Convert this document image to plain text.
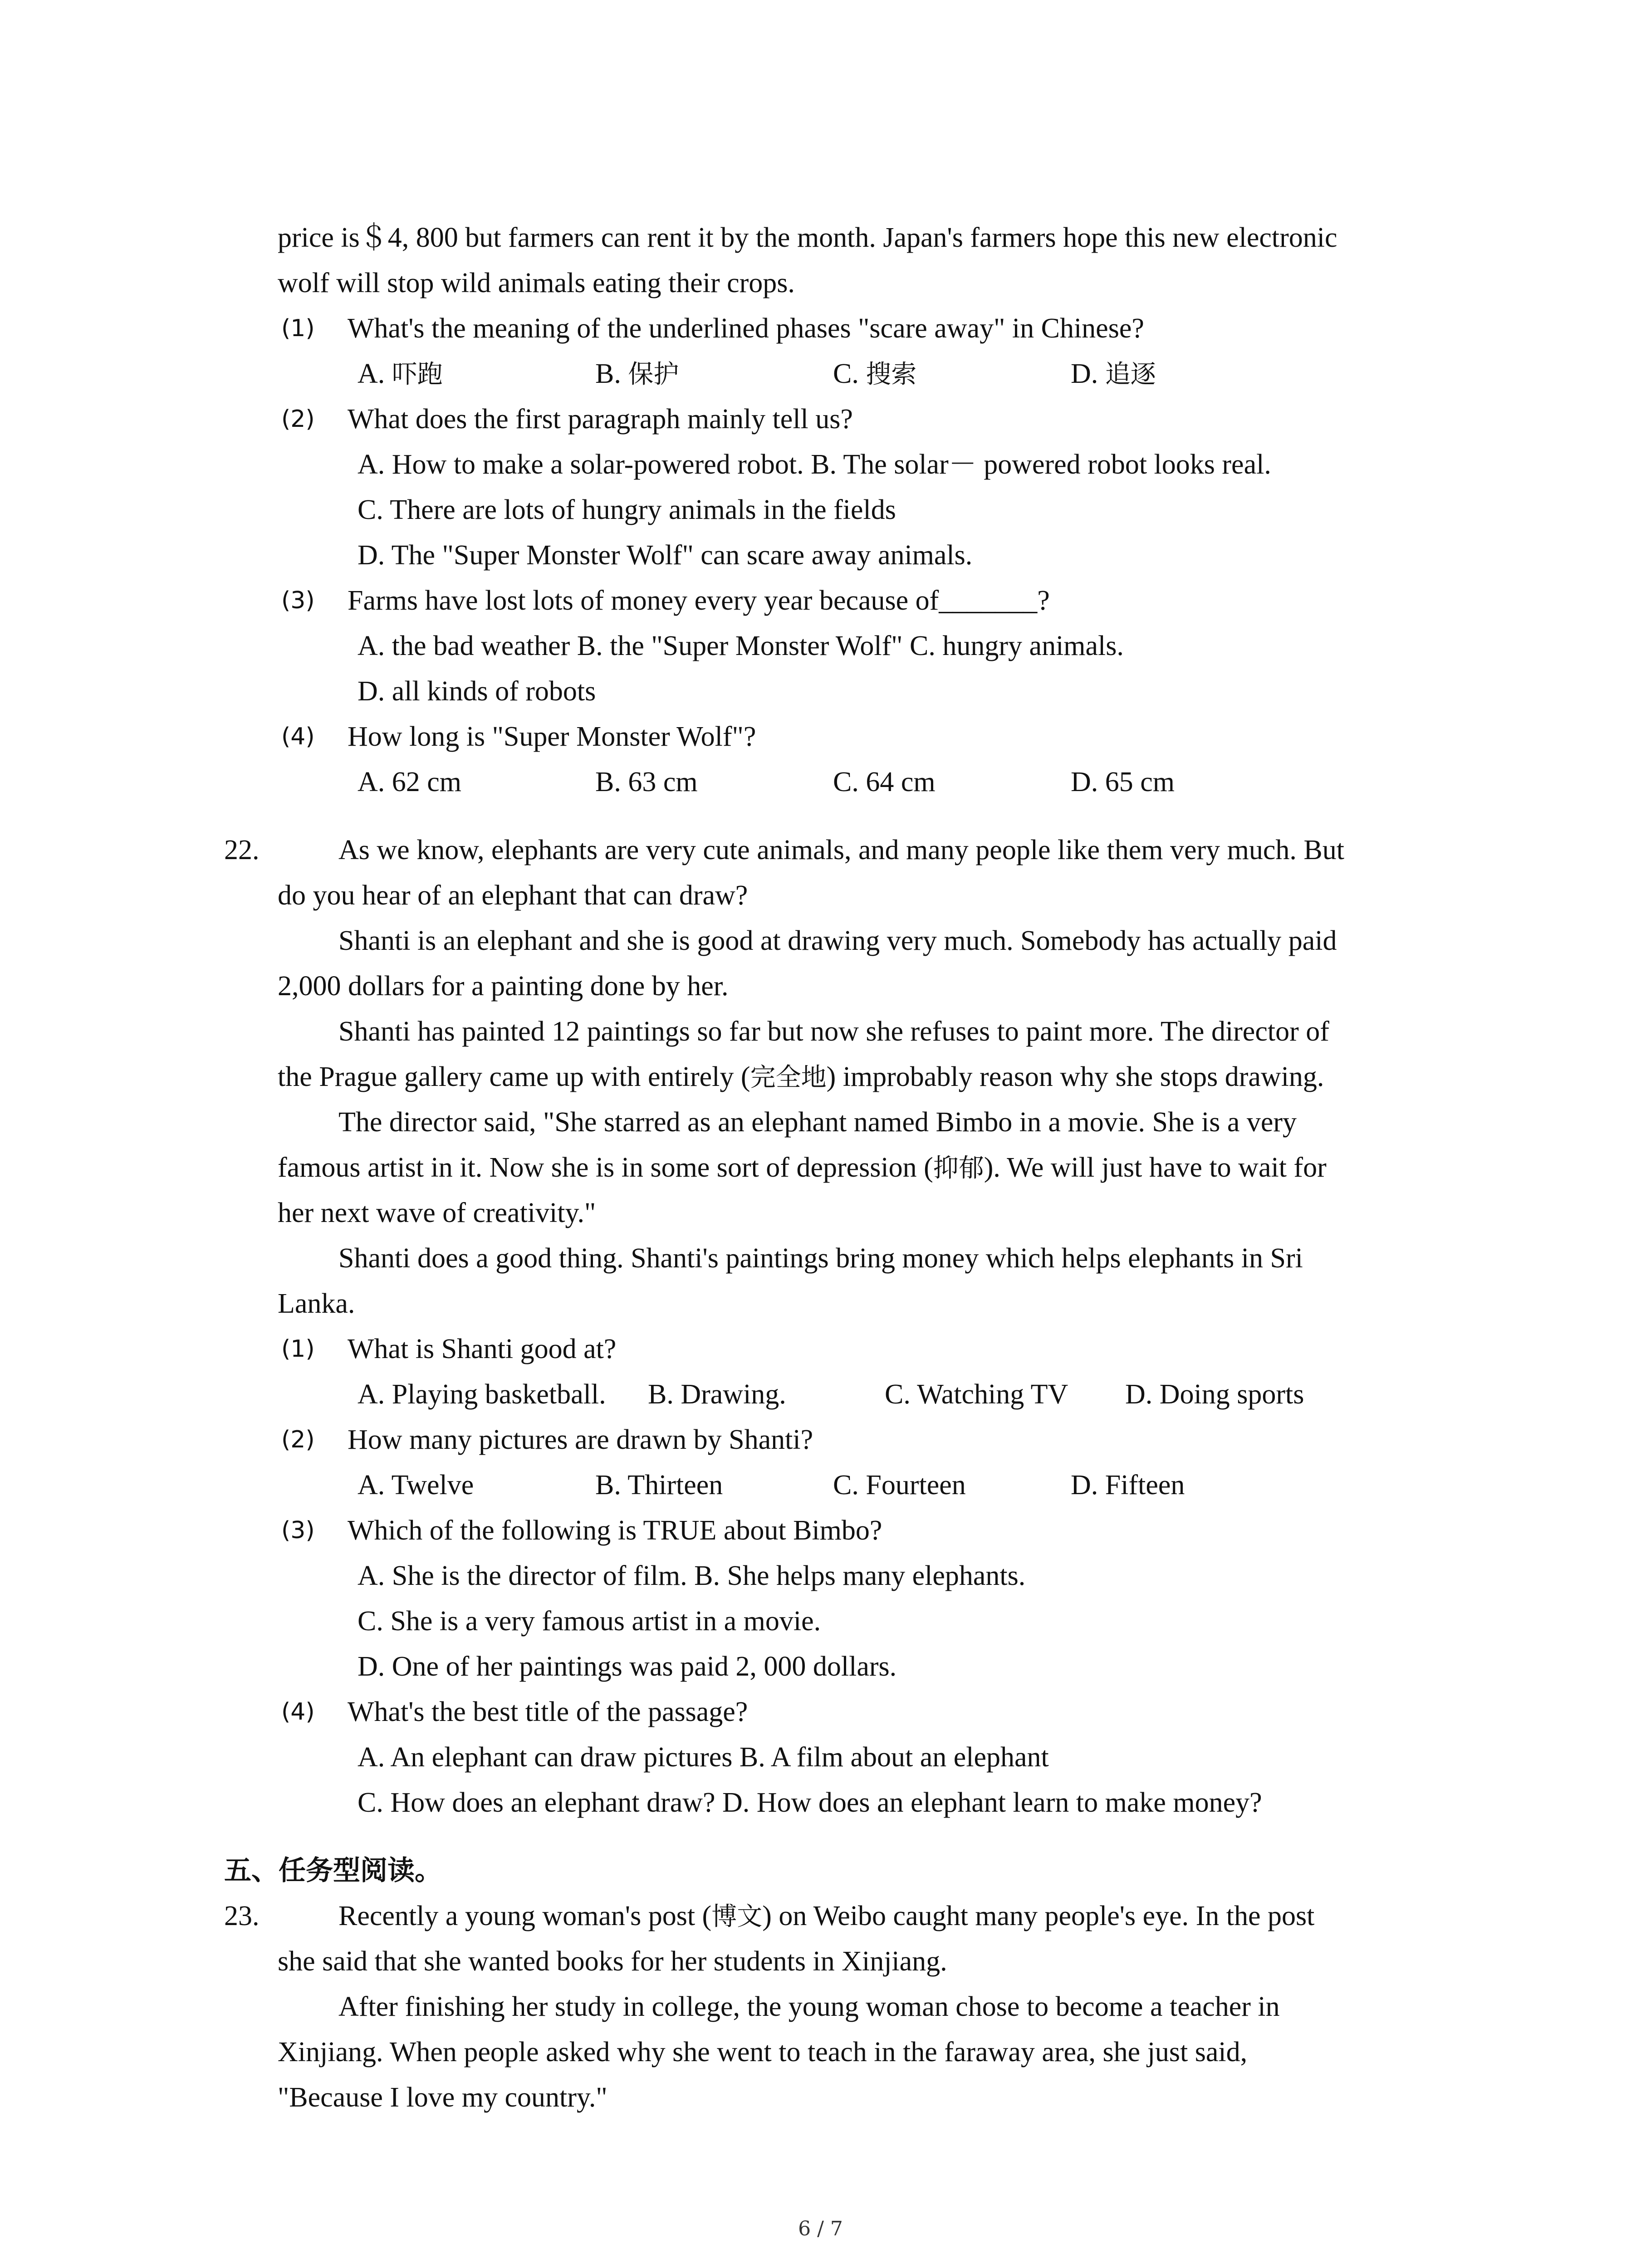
price is＄4, 800 but farmers can rent it by the month. Japan's farmers hope this new electronic
wolf will stop wild animals eating their crops.
(1) What's the meaning of the underlined phases "scare away" in Chinese?
A. 吓跑	B. 保护	C. 搜索	D. 追逐
(2) What does the first paragraph mainly tell us?
A. How to make a solar-powered robot. B. The solar－ powered robot looks real.
C. There are lots of hungry animals in the fields
D. The "Super Monster Wolf" can scare away animals.
(3) Farms have lost lots of money every year because of_______?
A. the bad weather B. the "Super Monster Wolf" C. hungry animals.
D. all kinds of robots
(4) How long is "Super Monster Wolf"?
A. 62 cm	B. 63 cm	C. 64 cm	D. 65 cm
22.	As we know, elephants are very cute animals, and many people like them very much. But
do you hear of an elephant that can draw?
Shanti is an elephant and she is good at drawing very much. Somebody has actually paid
2,000 dollars for a painting done by her.
Shanti has painted 12 paintings so far but now she refuses to paint more. The director of
the Prague gallery came up with entirely (完全地) improbably reason why she stops drawing.
The director said, "She starred as an elephant named Bimbo in a movie. She is a very
famous artist in it. Now she is in some sort of depression (抑郁). We will just have to wait for
her next wave of creativity."
Shanti does a good thing. Shanti's paintings bring money which helps elephants in Sri
Lanka.
(1) What is Shanti good at?
A. Playing basketball. B. Drawing.	C. Watching TV D. Doing sports
(2) How many pictures are drawn by Shanti?
A. Twelve	B. Thirteen	C. Fourteen	D. Fifteen
(3) Which of the following is TRUE about Bimbo?
A. She is the director of film. B. She helps many elephants.
C. She is a very famous artist in a movie.
D. One of her paintings was paid 2, 000 dollars.
(4) What's the best title of the passage?
A. An elephant can draw pictures B. A film about an elephant
C. How does an elephant draw? D. How does an elephant learn to make money?
五、任务型阅读。
23.	Recently a young woman's post (博文) on Weibo caught many people's eye. In the post
she said that she wanted books for her students in Xinjiang.
After finishing her study in college, the young woman chose to become a teacher in
Xinjiang. When people asked why she went to teach in the faraway area, she just said,
"Because I love my country."
6 / 7
